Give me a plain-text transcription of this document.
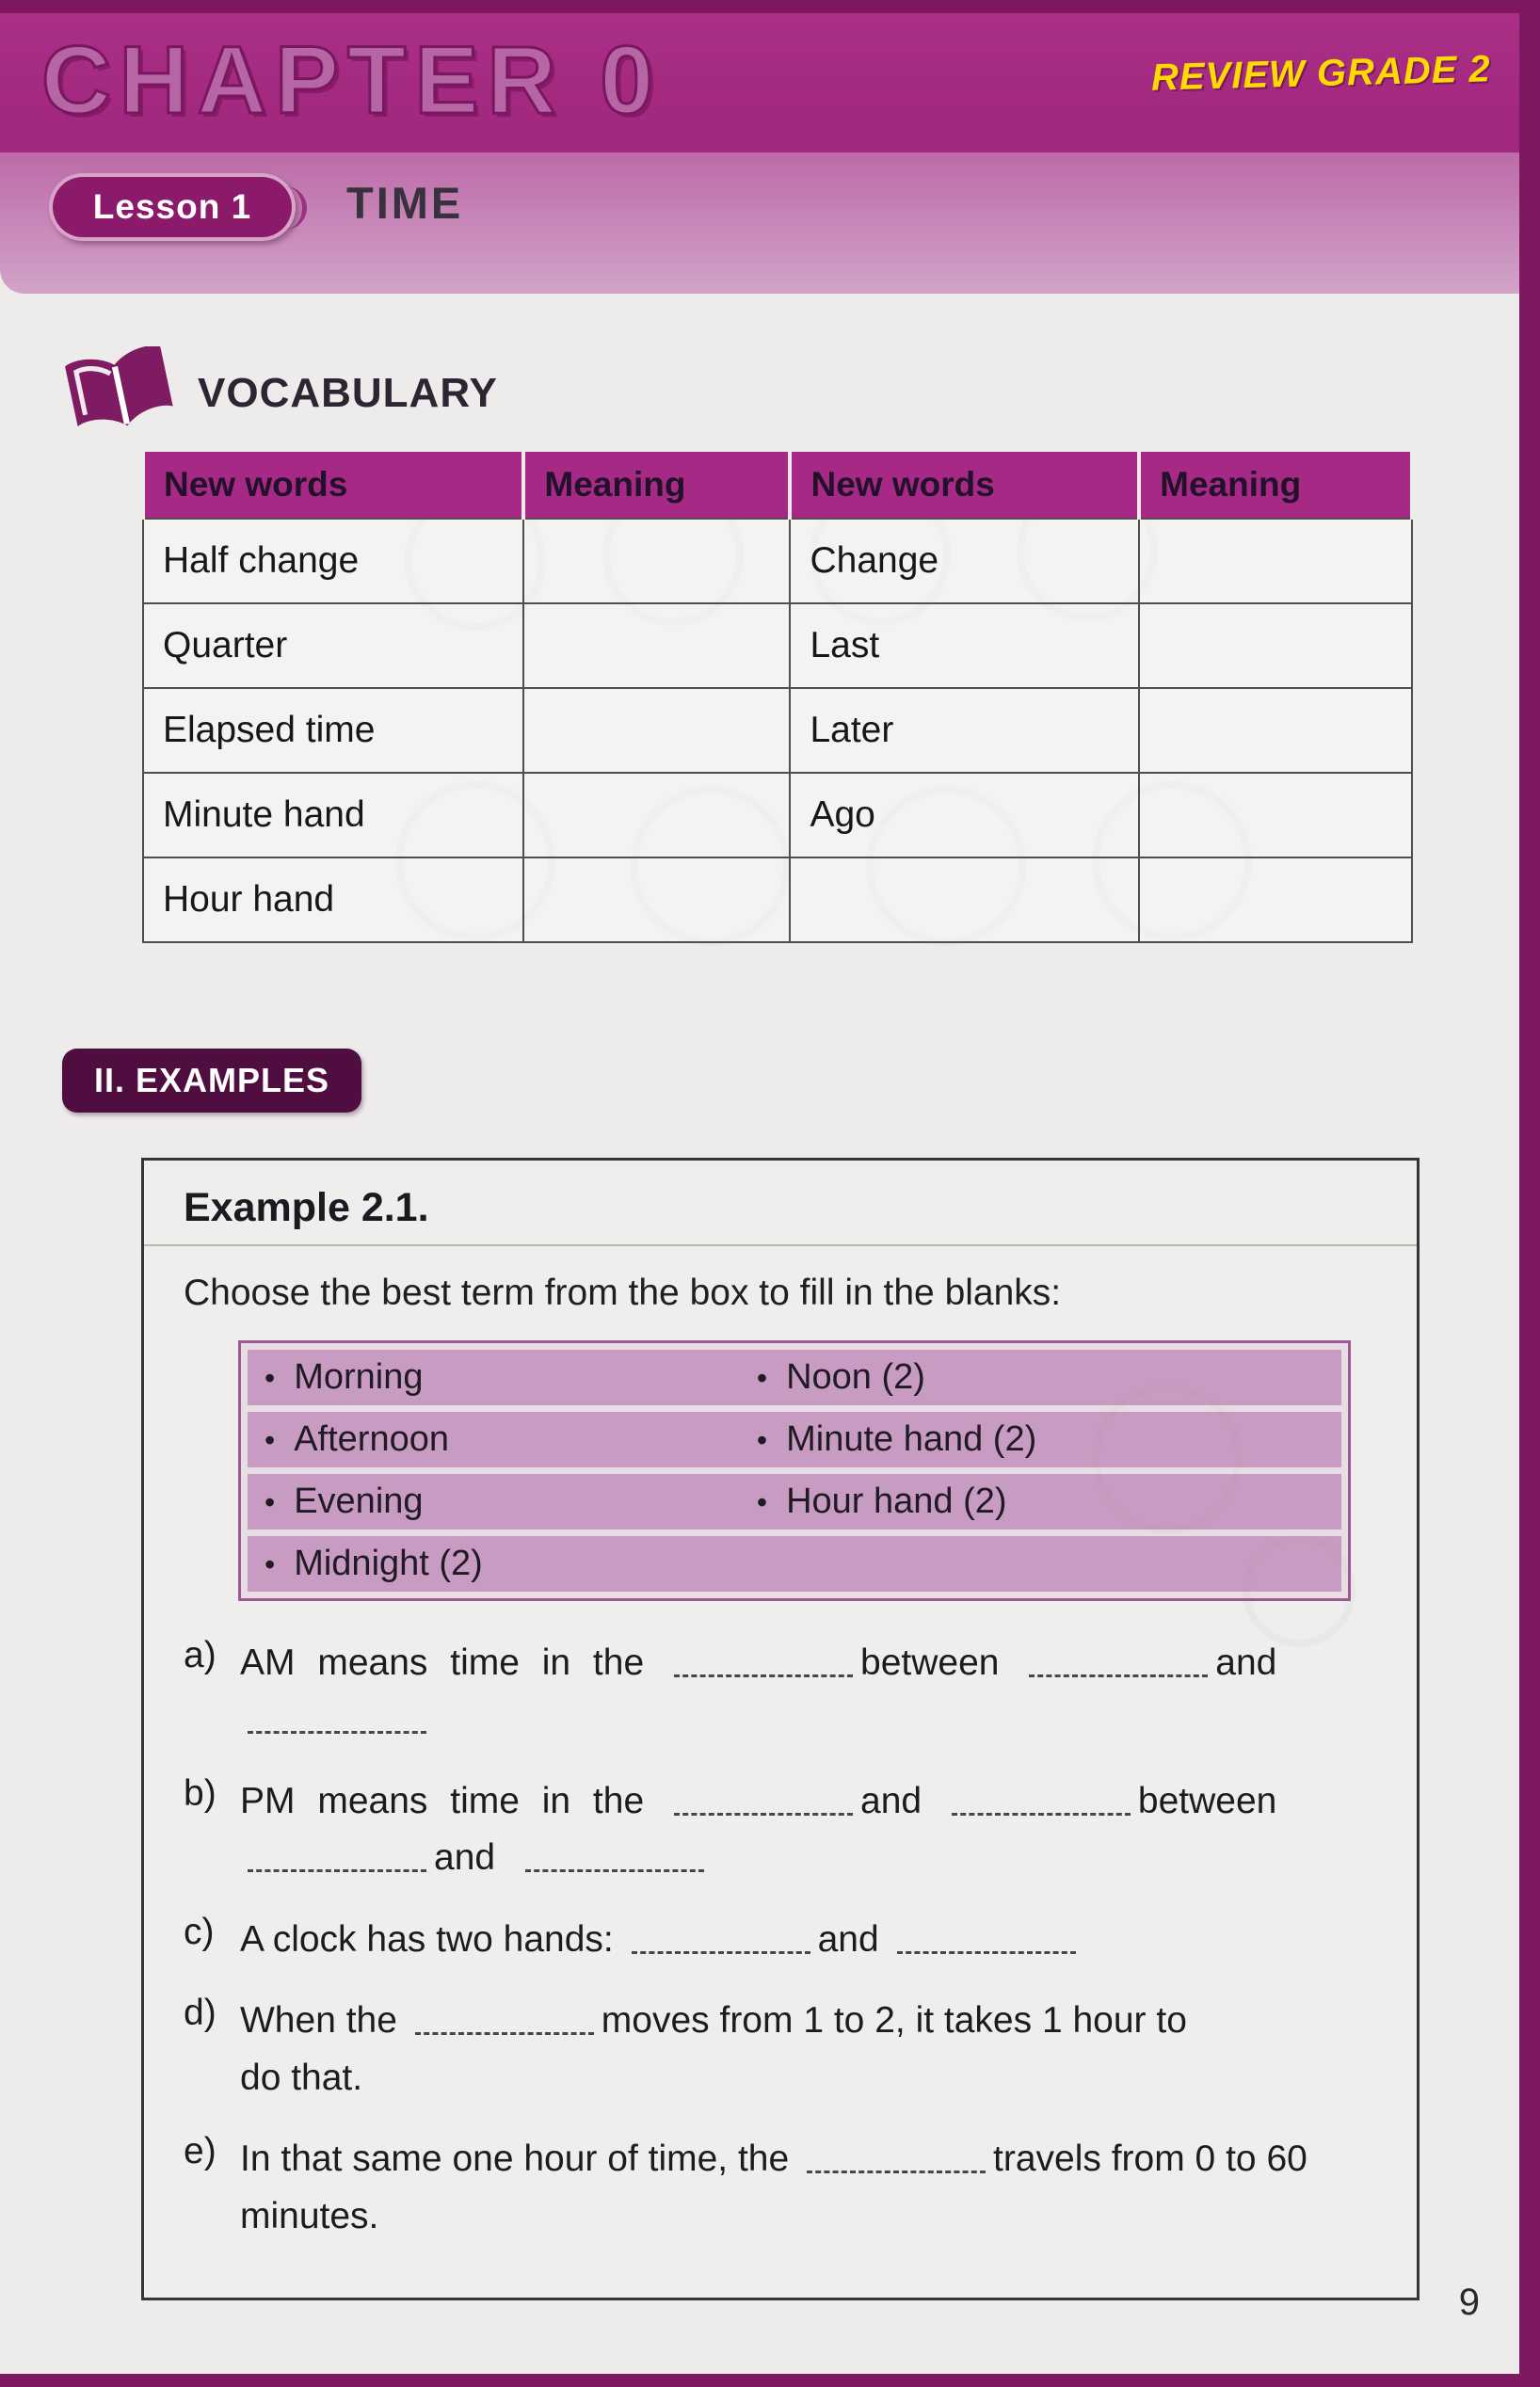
CHAPTER 0	REVIEW GRADE 2
Lesson 1 TIME
VOCABULARY
New words	Meaning	New words	Meaning
Half change		Change	
Quarter		Last	
Elapsed time		Later	
Minute hand		Ago	
Hour hand			
II. EXAMPLES
Example 2.1.

Choose the best term from the box to fill in the blanks:

• Morning	• Noon (2)
• Afternoon	• Minute hand (2)
• Evening	• Hour hand (2)
• Midnight (2)
a) AM means time in the	between	and

b) PM means time in the	and	between
and
c) A clock has two hands:	and
d) When the	moves from 1 to 2, it takes 1 hour to
do that.
e) In that same one hour of time, the	travels from 0 to 60
minutes.
9
